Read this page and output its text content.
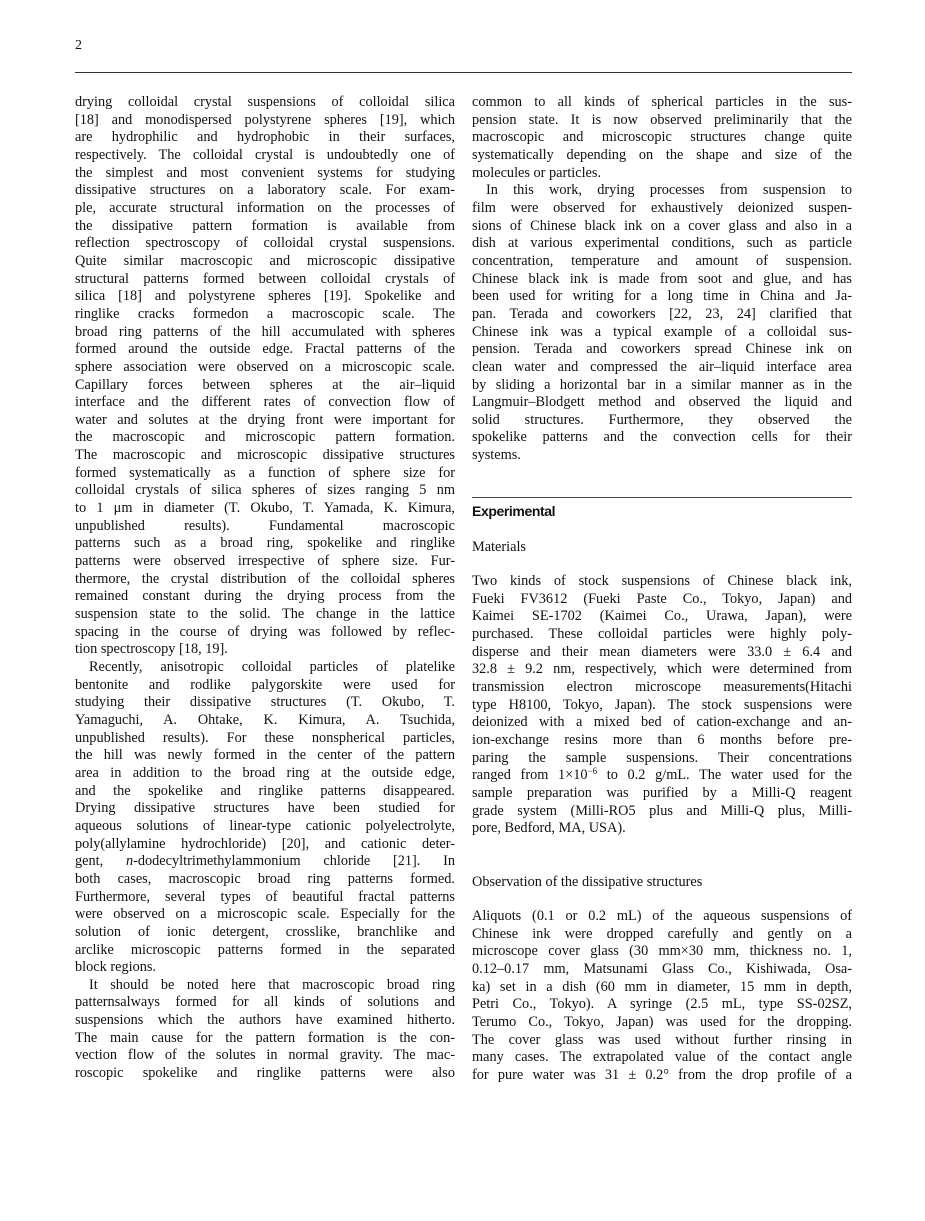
2
drying colloidal crystal suspensions of colloidal silica
[18] and monodispersed polystyrene spheres [19], which
are hydrophilic and hydrophobic in their surfaces,
respectively. The colloidal crystal is undoubtedly one of
the simplest and most convenient systems for studying
dissipative structures on a laboratory scale. For exam-
ple, accurate structural information on the processes of
the dissipative pattern formation is available from
reflection spectroscopy of colloidal crystal suspensions.
Quite similar macroscopic and microscopic dissipative
structural patterns formed between colloidal crystals of
silica [18] and polystyrene spheres [19]. Spokelike and
ringlike cracks formedon a macroscopic scale. The
broad ring patterns of the hill accumulated with spheres
formed around the outside edge. Fractal patterns of the
sphere association were observed on a microscopic scale.
Capillary forces between spheres at the air–liquid
interface and the different rates of convection flow of
water and solutes at the drying front were important for
the macroscopic and microscopic pattern formation.
The macroscopic and microscopic dissipative structures
formed systematically as a function of sphere size for
colloidal crystals of silica spheres of sizes ranging 5 nm
to 1 μm in diameter (T. Okubo, T. Yamada, K. Kimura,
unpublished results). Fundamental macroscopic
patterns such as a broad ring, spokelike and ringlike
patterns were observed irrespective of sphere size. Fur-
thermore, the crystal distribution of the colloidal spheres
remained constant during the drying process from the
suspension state to the solid. The change in the lattice
spacing in the course of drying was followed by reflec-
tion spectroscopy [18, 19].
Recently, anisotropic colloidal particles of platelike
bentonite and rodlike palygorskite were used for
studying their dissipative structures (T. Okubo, T.
Yamaguchi, A. Ohtake, K. Kimura, A. Tsuchida,
unpublished results). For these nonspherical particles,
the hill was newly formed in the center of the pattern
area in addition to the broad ring at the outside edge,
and the spokelike and ringlike patterns disappeared.
Drying dissipative structures have been studied for
aqueous solutions of linear-type cationic polyelectrolyte,
poly(allylamine hydrochloride) [20], and cationic deter-
gent, n-dodecyltrimethylammonium chloride [21]. In
both cases, macroscopic broad ring patterns formed.
Furthermore, several types of beautiful fractal patterns
were observed on a microscopic scale. Especially for the
solution of ionic detergent, crosslike, branchlike and
arclike microscopic patterns formed in the separated
block regions.
It should be noted here that macroscopic broad ring
patternsalways formed for all kinds of solutions and
suspensions which the authors have examined hitherto.
The main cause for the pattern formation is the con-
vection flow of the solutes in normal gravity. The mac-
roscopic spokelike and ringlike patterns were also
common to all kinds of spherical particles in the sus-
pension state. It is now observed preliminarily that the
macroscopic and microscopic structures change quite
systematically depending on the shape and size of the
molecules or particles.
In this work, drying processes from suspension to
film were observed for exhaustively deionized suspen-
sions of Chinese black ink on a cover glass and also in a
dish at various experimental conditions, such as particle
concentration, temperature and amount of suspension.
Chinese black ink is made from soot and glue, and has
been used for writing for a long time in China and Ja-
pan. Terada and coworkers [22, 23, 24] clarified that
Chinese ink was a typical example of a colloidal sus-
pension. Terada and coworkers spread Chinese ink on
clean water and compressed the air–liquid interface area
by sliding a horizontal bar in a similar manner as in the
Langmuir–Blodgett method and observed the liquid and
solid structures. Furthermore, they observed the
spokelike patterns and the convection cells for their
systems.
Experimental
Materials
Two kinds of stock suspensions of Chinese black ink,
Fueki FV3612 (Fueki Paste Co., Tokyo, Japan) and
Kaimei SE-1702 (Kaimei Co., Urawa, Japan), were
purchased. These colloidal particles were highly poly-
disperse and their mean diameters were 33.0 ± 6.4 and
32.8 ± 9.2 nm, respectively, which were determined from
transmission electron microscope measurements(Hitachi
type H8100, Tokyo, Japan). The stock suspensions were
deionized with a mixed bed of cation-exchange and an-
ion-exchange resins more than 6 months before pre-
paring the sample suspensions. Their concentrations
ranged from $1\times 10^{-6}$ to 0.2 g/mL. The water used for the
sample preparation was purified by a Milli-Q reagent
grade system (Milli-RO5 plus and Milli-Q plus, Milli-
pore, Bedford, MA, USA).
Observation of the dissipative structures
Aliquots (0.1 or 0.2 mL) of the aqueous suspensions of
Chinese ink were dropped carefully and gently on a
microscope cover glass (30 mm×30 mm, thickness no. 1,
0.12–0.17 mm, Matsunami Glass Co., Kishiwada, Osa-
ka) set in a dish (60 mm in diameter, 15 mm in depth,
Petri Co., Tokyo). A syringe (2.5 mL, type SS-02SZ,
Terumo Co., Tokyo, Japan) was used for the dropping.
The cover glass was used without further rinsing in
many cases. The extrapolated value of the contact angle
for pure water was 31 ± 0.2° from the drop profile of a
